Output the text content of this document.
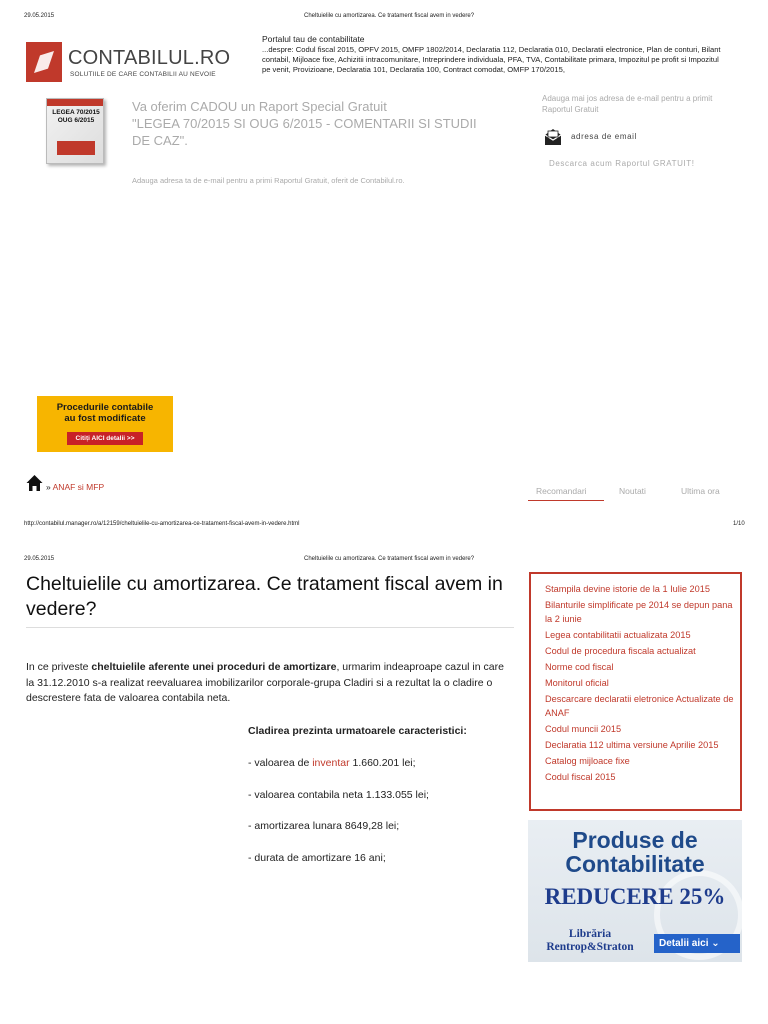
29.05.2015	Cheltuielile cu amortizarea. Ce tratament fiscal avem in vedere?
CONTABILUL.RO
SOLUTIILE DE CARE CONTABILII AU NEVOIE
Portalul tau de contabilitate
...despre: Codul fiscal 2015, OPFV 2015, OMFP 1802/2014, Declaratia 112, Declaratia 010, Declaratii electronice, Plan de conturi, Bilant contabil, Mijloace fixe, Achizitii intracomunitare, Intreprindere individuala, PFA, TVA, Contabilitate primara, Impozitul pe profit si Impozitul pe venit, Provizioane, Declaratia 101, Declaratia 100, Contract comodat, OMFP 170/2015,
LEGEA 70/2015 OUG 6/2015
Va oferim CADOU un Raport Special Gratuit
"LEGEA 70/2015 SI OUG 6/2015 - COMENTARII SI STUDII DE CAZ".
Adauga adresa ta de e-mail pentru a primi Raportul Gratuit, oferit de Contabilul.ro.
Adauga mai jos adresa de e-mail pentru a primit Raportul Gratuit
adresa de email
Descarca acum Raportul GRATUIT!
Procedurile contabile
au fost modificate
Citiți AICI detalii >>
» ANAF si MFP	Recomandari	Noutati	Ultima ora
http://contabilul.manager.ro/a/12159/cheltuielile-cu-amortizarea-ce-tratament-fiscal-avem-in-vedere.html	1/10
29.05.2015	Cheltuielile cu amortizarea. Ce tratament fiscal avem in vedere?
Cheltuielile cu amortizarea. Ce tratament fiscal avem in vedere?
In ce priveste cheltuielile aferente unei proceduri de amortizare, urmarim indeaproape cazul in care la 31.12.2010 s-a realizat reevaluarea imobilizarilor corporale-grupa Cladiri si a rezultat la o cladire o descrestere fata de valoarea contabila neta.
Cladirea prezinta urmatoarele caracteristici:
- valoarea de inventar 1.660.201 lei;
- valoarea contabila neta 1.133.055 lei;
- amortizarea lunara 8649,28 lei;
- durata de amortizare 16 ani;
Stampila devine istorie de la 1 Iulie 2015
Bilanturile simplificate pe 2014 se depun pana la 2 iunie
Legea contabilitatii actualizata 2015
Codul de procedura fiscala actualizat
Norme cod fiscal
Monitorul oficial
Descarcare declaratii eletronice Actualizate de ANAF
Codul muncii 2015
Declaratia 112 ultima versiune Aprilie 2015
Catalog mijloace fixe
Codul fiscal 2015
Produse de
Contabilitate
REDUCERE 25%
Librăria
Rentrop&Straton	Detalii aici ⌄
